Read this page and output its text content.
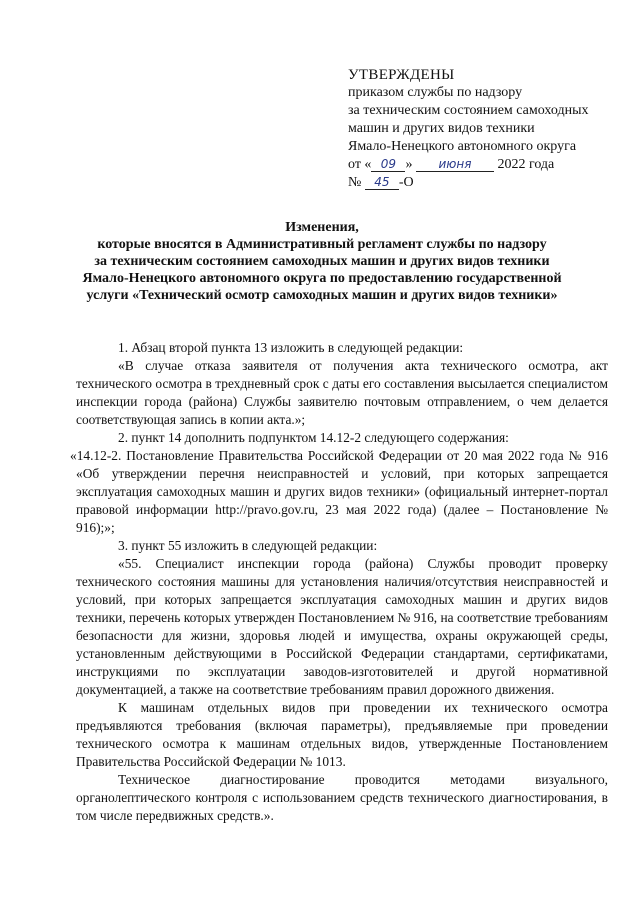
УТВЕРЖДЕНЫ
приказом службы по надзору
за техническим состоянием самоходных
машин и других видов техники
Ямало-Ненецкого автономного округа
от « 09 » июня 2022 года
№ 45 -О
Изменения,
которые вносятся в Административный регламент службы по надзору
за техническим состоянием самоходных машин и других видов техники
Ямало-Ненецкого автономного округа по предоставлению государственной
услуги «Технический осмотр самоходных машин и других видов техники»

1. Абзац второй пункта 13 изложить в следующей редакции:

«В случае отказа заявителя от получения акта технического осмотра, акт технического осмотра в трехдневный срок с даты его составления высылается специалистом инспекции города (района) Службы заявителю почтовым отправлением, о чем делается соответствующая запись в копии акта.»;

2. пункт 14 дополнить подпунктом 14.12-2 следующего содержания:

«14.12-2. Постановление Правительства Российской Федерации от 20 мая 2022 года № 916 «Об утверждении перечня неисправностей и условий, при которых запрещается эксплуатация самоходных машин и других видов техники» (официальный интернет-портал правовой информации http://pravo.gov.ru, 23 мая 2022 года) (далее – Постановление № 916);»;

3. пункт 55 изложить в следующей редакции:

«55. Специалист инспекции города (района) Службы проводит проверку технического состояния машины для установления наличия/отсутствия неисправностей и условий, при которых запрещается эксплуатация самоходных машин и других видов техники, перечень которых утвержден Постановлением № 916, на соответствие требованиям безопасности для жизни, здоровья людей и имущества, охраны окружающей среды, установленным действующими в Российской Федерации стандартами, сертификатами, инструкциями по эксплуатации заводов-изготовителей и другой нормативной документацией, а также на соответствие требованиям правил дорожного движения.

К машинам отдельных видов при проведении их технического осмотра предъявляются требования (включая параметры), предъявляемые при проведении технического осмотра к машинам отдельных видов, утвержденные Постановлением Правительства Российской Федерации № 1013.

Техническое диагностирование проводится методами визуального, органолептического контроля с использованием средств технического диагностирования, в том числе передвижных средств.».
